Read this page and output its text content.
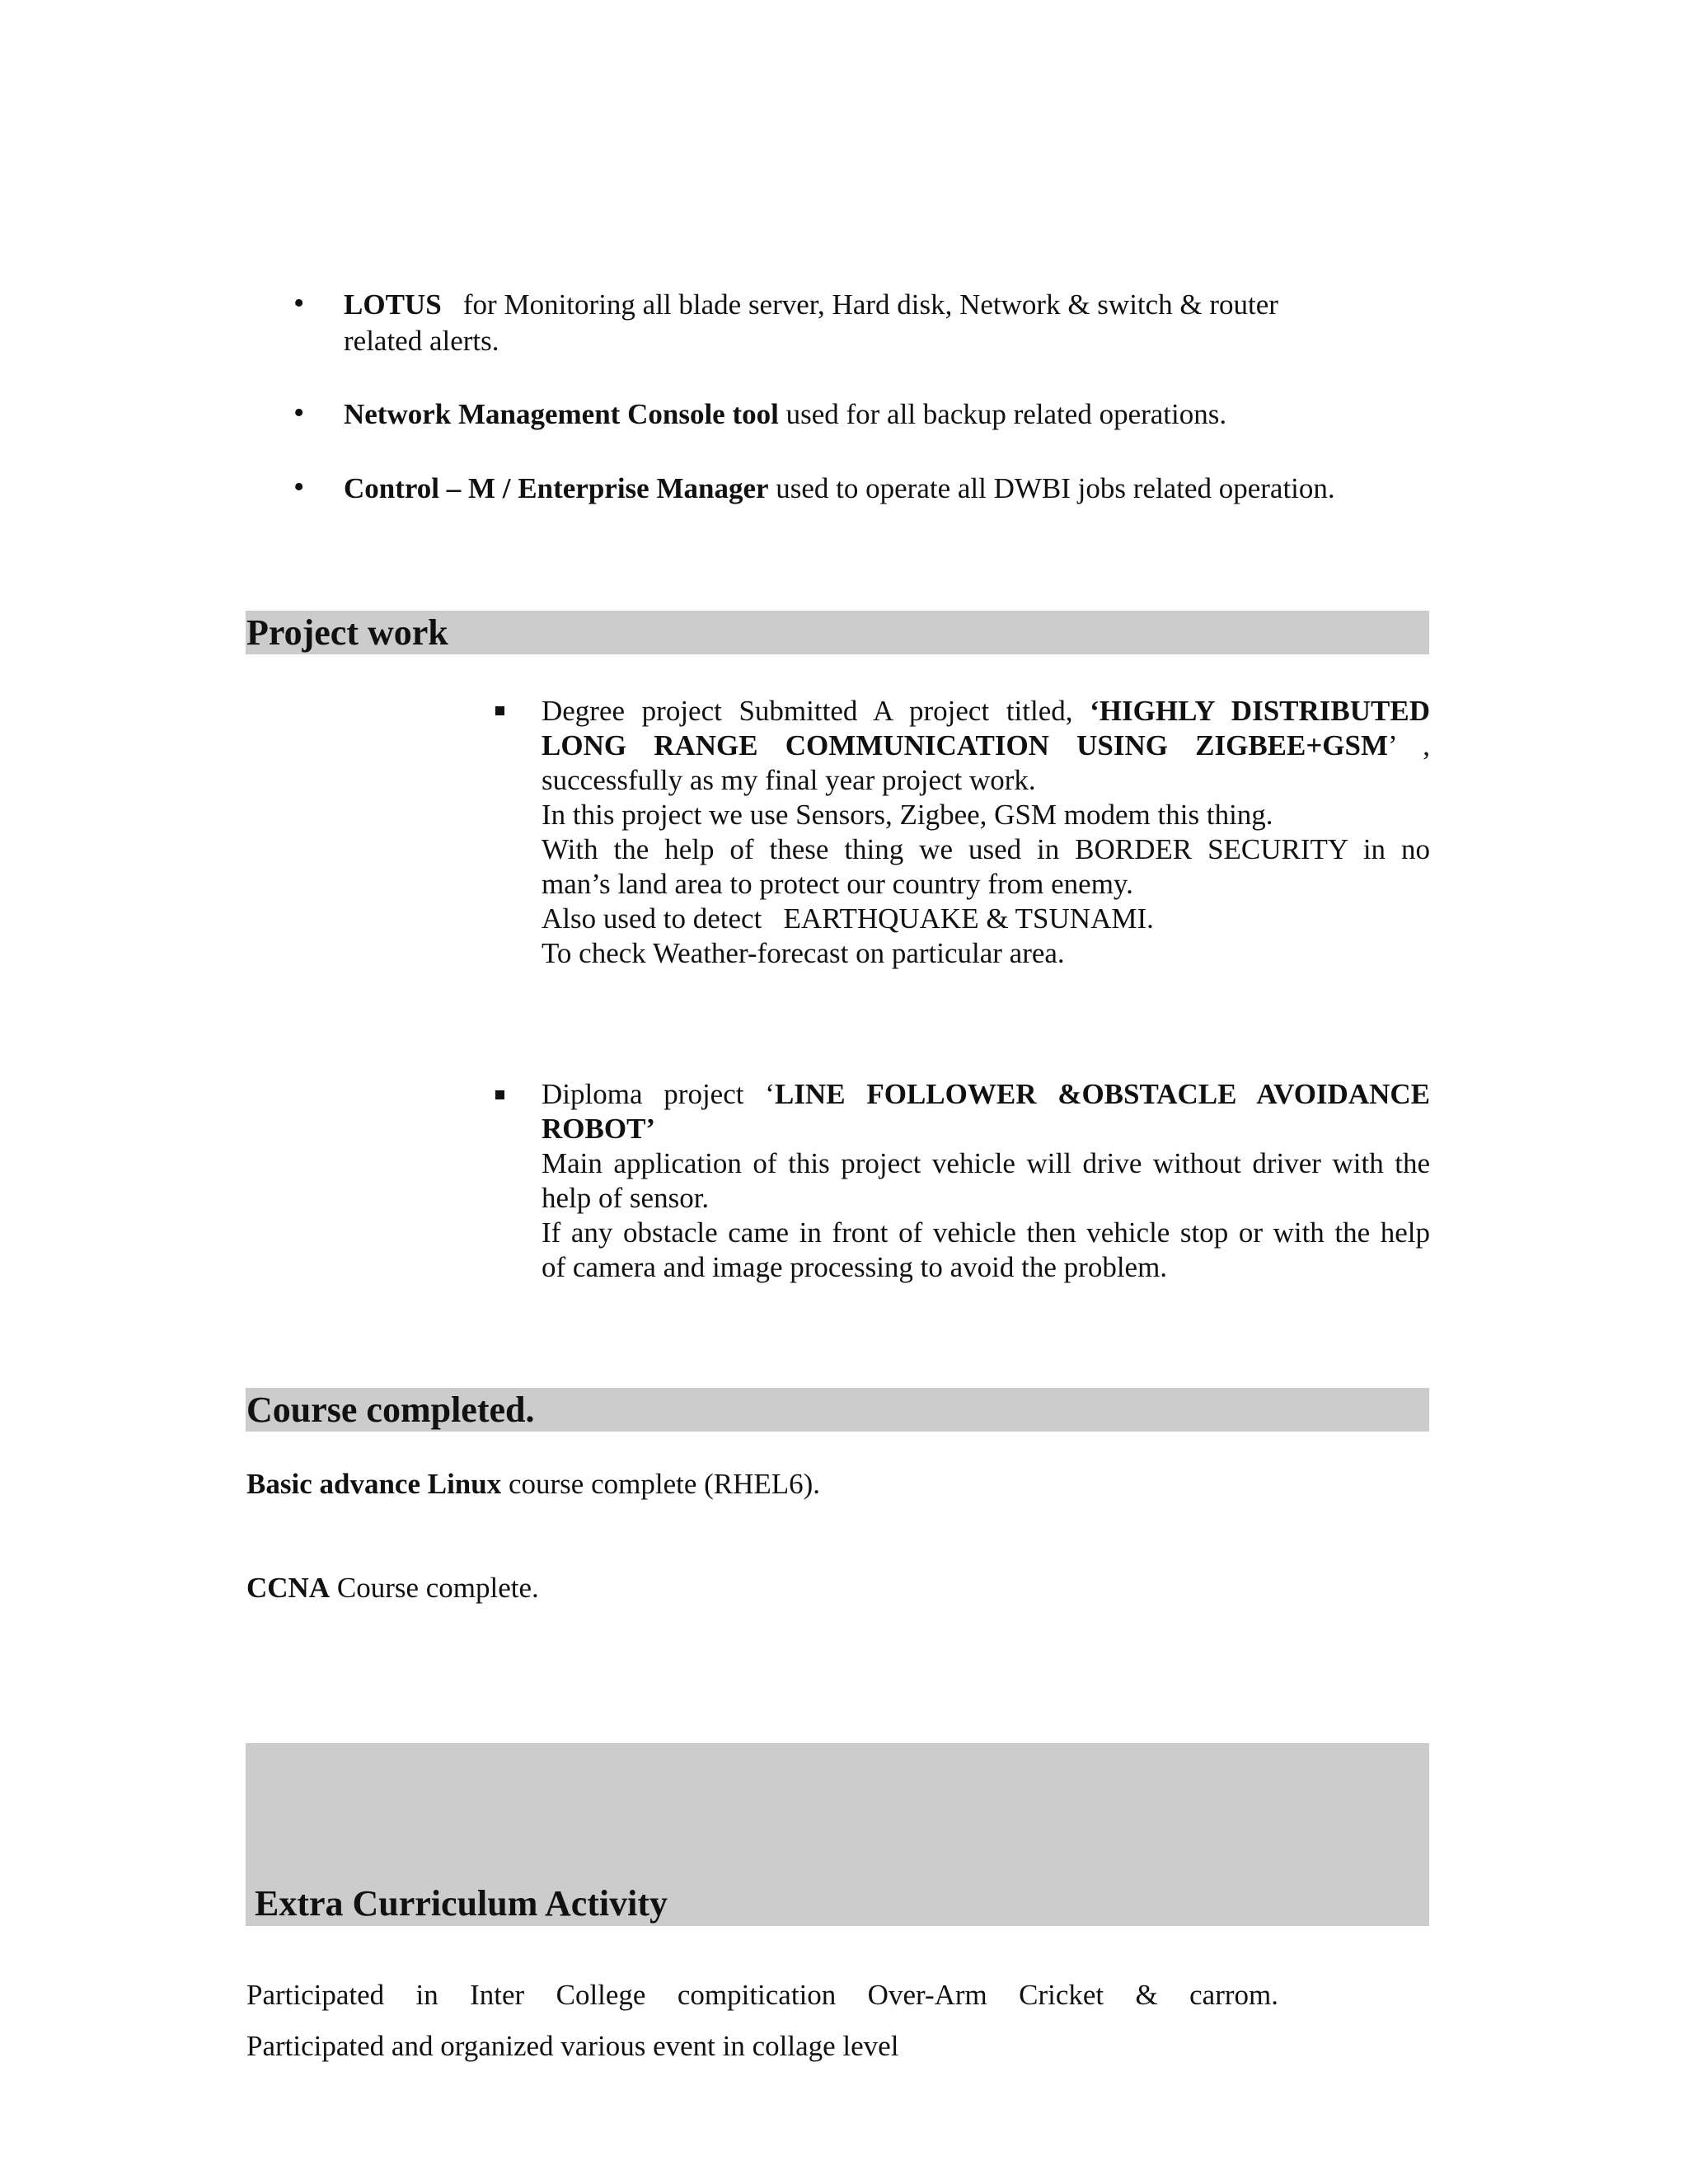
• LOTUS for Monitoring all blade server, Hard disk, Network & switch & router
related alerts.
• Network Management Console tool used for all backup related operations.
• Control – M / Enterprise Manager used to operate all DWBI jobs related operation.
Project work
Degree project Submitted A project titled, ‘HIGHLY DISTRIBUTED
LONG RANGE COMMUNICATION USING ZIGBEE+GSM’ ,
successfully as my final year project work.
In this project we use Sensors, Zigbee, GSM modem this thing.
With the help of these thing we used in BORDER SECURITY in no
man’s land area to protect our country from enemy.
Also used to detect   EARTHQUAKE & TSUNAMI.
To check Weather-forecast on particular area.
Diploma project ‘LINE FOLLOWER &OBSTACLE AVOIDANCE
ROBOT’
Main application of this project vehicle will drive without driver with the
help of sensor.
If any obstacle came in front of vehicle then vehicle stop or with the help
of camera and image processing to avoid the problem.
Course completed.
Basic advance Linux course complete (RHEL6).
CCNA Course complete.
Extra Curriculum Activity
Participated in Inter College compitication Over-Arm Cricket & carrom.
Participated and organized various event in collage level
